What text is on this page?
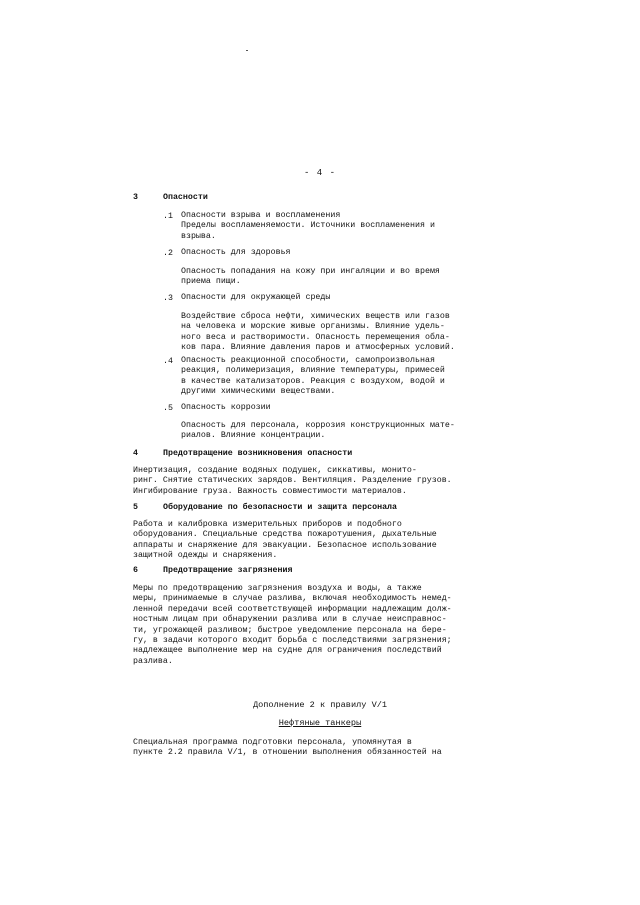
- 4 -
3	Опасности
.1 Опасности взрыва и воспламенения
Пределы воспламеняемости. Источники воспламенения и
взрыва.
.2 Опасность для здоровья
Опасность попадания на кожу при ингаляции и во время
приема пищи.
.3 Опасности для окружающей среды
Воздействие сброса нефти, химических веществ или газов
на человека и морские живые организмы. Влияние удель-
ного веса и растворимости. Опасность перемещения обла-
ков пара. Влияние давления паров и атмосферных условий.
.4 Опасность реакционной способности, самопроизвольная
реакция, полимеризация, влияние температуры, примесей
в качестве катализаторов. Реакция с воздухом, водой и
другими химическими веществами.
.5 Опасность коррозии
Опасность для персонала, коррозия конструкционных мате-
риалов. Влияние концентрации.
4	Предотвращение возникновения опасности
Инертизация, создание водяных подушек, сиккативы, монито-
ринг. Снятие статических зарядов. Вентиляция. Разделение грузов.
Ингибирование груза. Важность совместимости материалов.
5	Оборудование по безопасности и защита персонала
Работа и калибровка измерительных приборов и подобного
оборудования. Специальные средства пожаротушения, дыхательные
аппараты и снаряжение для эвакуации. Безопасное использование
защитной одежды и снаряжения.
6	Предотвращение загрязнения
Меры по предотвращению загрязнения воздуха и воды, а также
меры, принимаемые в случае разлива, включая необходимость немед-
ленной передачи всей соответствующей информации надлежащим долж-
ностным лицам при обнаружении разлива или в случае неисправнос-
ти, угрожающей разливом; быстрое уведомление персонала на бере-
гу, в задачи которого входит борьба с последствиями загрязнения;
надлежащее выполнение мер на судне для ограничения последствий
разлива.
Дополнение 2 к правилу V/1
Нефтяные танкеры
Специальная программа подготовки персонала, упомянутая в
пункте 2.2 правила V/1, в отношении выполнения обязанностей на
